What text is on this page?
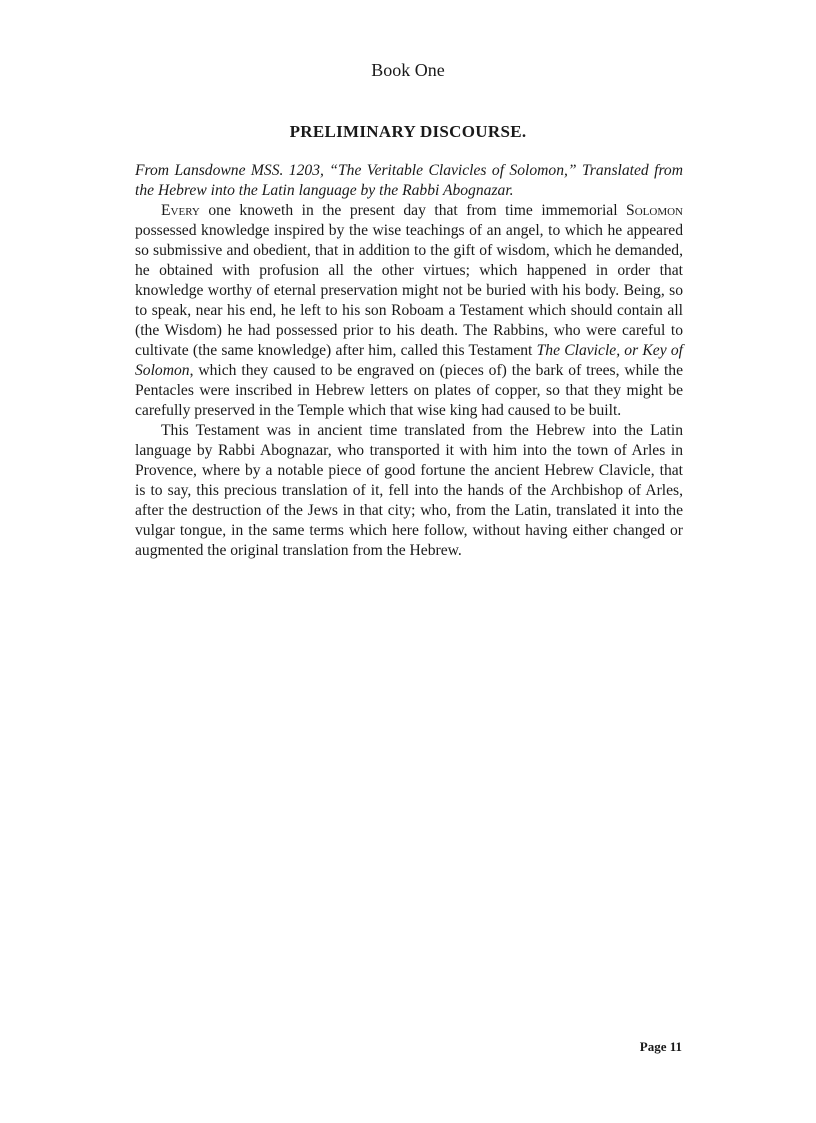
Book One
PRELIMINARY DISCOURSE.

From Lansdowne MSS. 1203, “The Veritable Clavicles of Solomon,” Translated from the Hebrew into the Latin language by the Rabbi Abognazar.

Every one knoweth in the present day that from time immemorial Solomon possessed knowledge inspired by the wise teachings of an angel, to which he appeared so submissive and obedient, that in addition to the gift of wisdom, which he demanded, he obtained with profusion all the other virtues; which happened in order that knowledge worthy of eternal preservation might not be buried with his body. Being, so to speak, near his end, he left to his son Roboam a Testament which should contain all (the Wisdom) he had possessed prior to his death. The Rabbins, who were careful to cultivate (the same knowledge) after him, called this Testament The Clavicle, or Key of Solomon, which they caused to be engraved on (pieces of) the bark of trees, while the Pentacles were inscribed in Hebrew letters on plates of copper, so that they might be carefully preserved in the Temple which that wise king had caused to be built.

This Testament was in ancient time translated from the Hebrew into the Latin language by Rabbi Abognazar, who transported it with him into the town of Arles in Provence, where by a notable piece of good fortune the ancient Hebrew Clavicle, that is to say, this precious translation of it, fell into the hands of the Archbishop of Arles, after the destruction of the Jews in that city; who, from the Latin, translated it into the vulgar tongue, in the same terms which here follow, without having either changed or augmented the original translation from the Hebrew.

Page 11
